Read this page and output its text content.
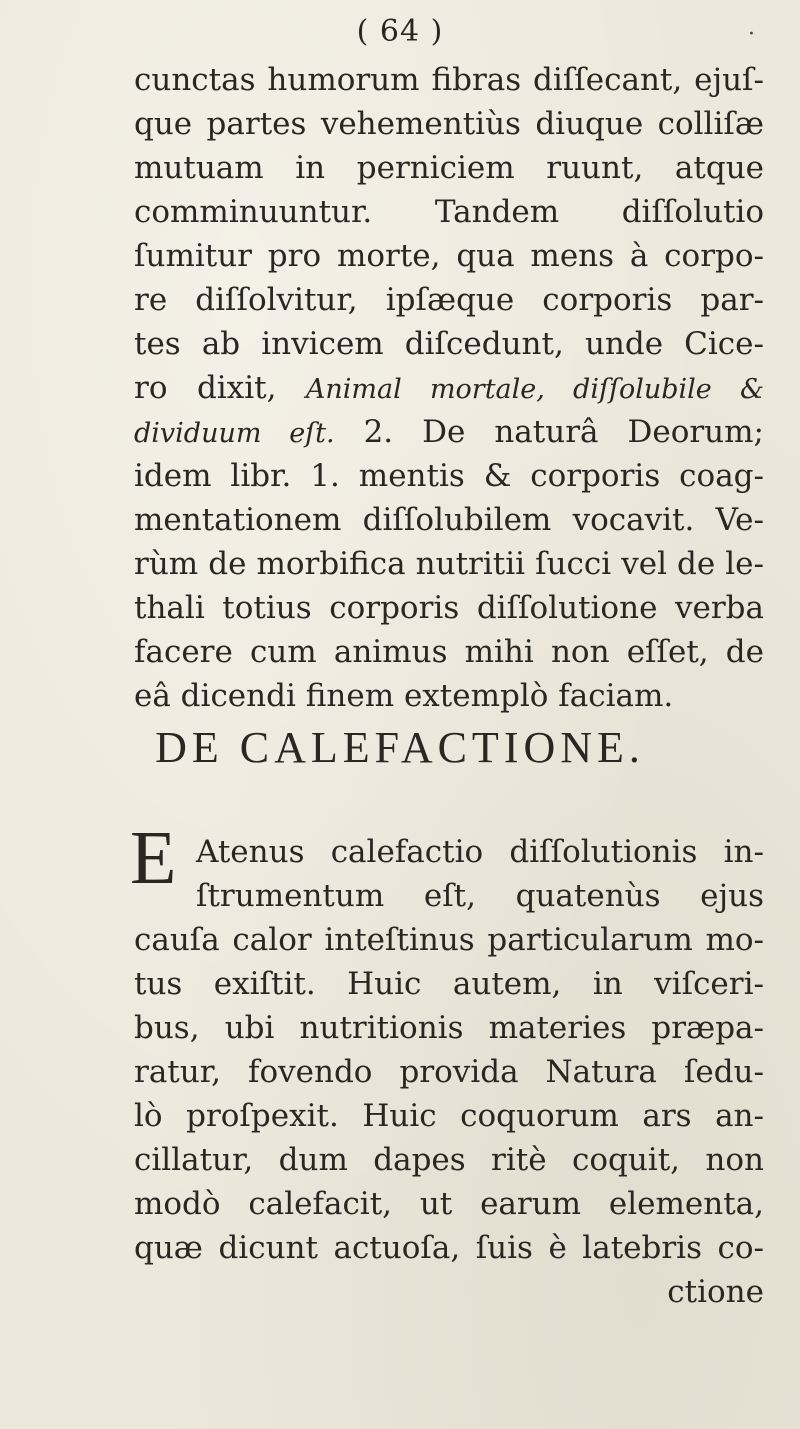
( 64 )	·
cunctas humorum fibras diſſecant, ejuſ-
que partes vehementiùs diuque colliſæ
mutuam in perniciem ruunt, atque
comminuuntur. Tandem diſſolutio
ſumitur pro morte, qua mens à corpo-
re diſſolvitur, ipſæque corporis par-
tes ab invicem diſcedunt, unde Cice-
ro dixit, Animal mortale, diſſolubile &
dividuum eſt. 2. De naturâ Deorum;
idem libr. 1. mentis & corporis coag-
mentationem diſſolubilem vocavit. Ve-
rùm de morbifica nutritii ſucci vel de le-
thali totius corporis diſſolutione verba
facere cum animus mihi non eſſet, de
eâ dicendi finem extemplò faciam.
DE CALEFACTIONE.
E Atenus calefactio diſſolutionis in-
ſtrumentum eſt, quatenùs ejus
cauſa calor inteſtinus particularum mo-
tus exiſtit. Huic autem, in viſceri-
bus, ubi nutritionis materies præpa-
ratur, fovendo provida Natura ſedu-
lò proſpexit. Huic coquorum ars an-
cillatur, dum dapes ritè coquit, non
modò calefacit, ut earum elementa,
quæ dicunt actuoſa, ſuis è latebris co-
ctione
